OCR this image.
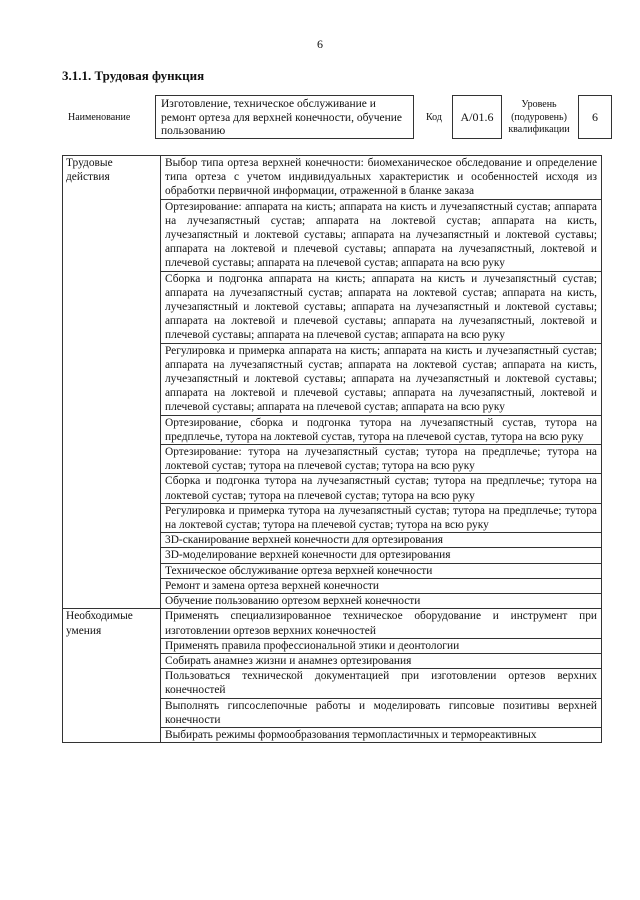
6
3.1.1. Трудовая функция
Наименование
Изготовление, техническое обслуживание и ремонт ортеза для верхней конечности, обучение пользованию
Код	A/01.6
Уровень
(подуровень)
квалификации
6
Трудовые действия	Выбор типа ортеза верхней конечности: биомеханическое обследование и определение типа ортеза с учетом индивидуальных характеристик и особенностей исходя из обработки первичной информации, отраженной в бланке заказа
	Ортезирование: аппарата на кисть; аппарата на кисть и лучезапястный сустав; аппарата на лучезапястный сустав; аппарата на локтевой сустав; аппарата на кисть, лучезапястный и локтевой суставы; аппарата на лучезапястный и локтевой суставы; аппарата на локтевой и плечевой суставы; аппарата на лучезапястный, локтевой и плечевой суставы; аппарата на плечевой сустав; аппарата на всю руку
	Сборка и подгонка аппарата на кисть; аппарата на кисть и лучезапястный сустав; аппарата на лучезапястный сустав; аппарата на локтевой сустав; аппарата на кисть, лучезапястный и локтевой суставы; аппарата на лучезапястный и локтевой суставы; аппарата на локтевой и плечевой суставы; аппарата на лучезапястный, локтевой и плечевой суставы; аппарата на плечевой сустав; аппарата на всю руку
	Регулировка и примерка аппарата на кисть; аппарата на кисть и лучезапястный сустав; аппарата на лучезапястный сустав; аппарата на локтевой сустав; аппарата на кисть, лучезапястный и локтевой суставы; аппарата на лучезапястный и локтевой суставы; аппарата на локтевой и плечевой суставы; аппарата на лучезапястный, локтевой и плечевой суставы; аппарата на плечевой сустав; аппарата на всю руку
	Ортезирование, сборка и подгонка тутора на лучезапястный сустав, тутора на предплечье, тутора на локтевой сустав, тутора на плечевой сустав, тутора на всю руку
	Ортезирование: тутора на лучезапястный сустав; тутора на предплечье; тутора на локтевой сустав; тутора на плечевой сустав; тутора на всю руку
	Сборка и подгонка тутора на лучезапястный сустав; тутора на предплечье; тутора на локтевой сустав; тутора на плечевой сустав; тутора на всю руку
	Регулировка и примерка тутора на лучезапястный сустав; тутора на предплечье; тутора на локтевой сустав; тутора на плечевой сустав; тутора на всю руку
	3D-сканирование верхней конечности для ортезирования
	3D-моделирование верхней конечности для ортезирования
	Техническое обслуживание ортеза верхней конечности
	Ремонт и замена ортеза верхней конечности
	Обучение пользованию ортезом верхней конечности
Необходимые умения	Применять специализированное техническое оборудование и инструмент при изготовлении ортезов верхних конечностей
	Применять правила профессиональной этики и деонтологии
	Собирать анамнез жизни и анамнез ортезирования
	Пользоваться технической документацией при изготовлении ортезов верхних конечностей
	Выполнять гипсослепочные работы и моделировать гипсовые позитивы верхней конечности
	Выбирать режимы формообразования термопластичных и термореактивных
